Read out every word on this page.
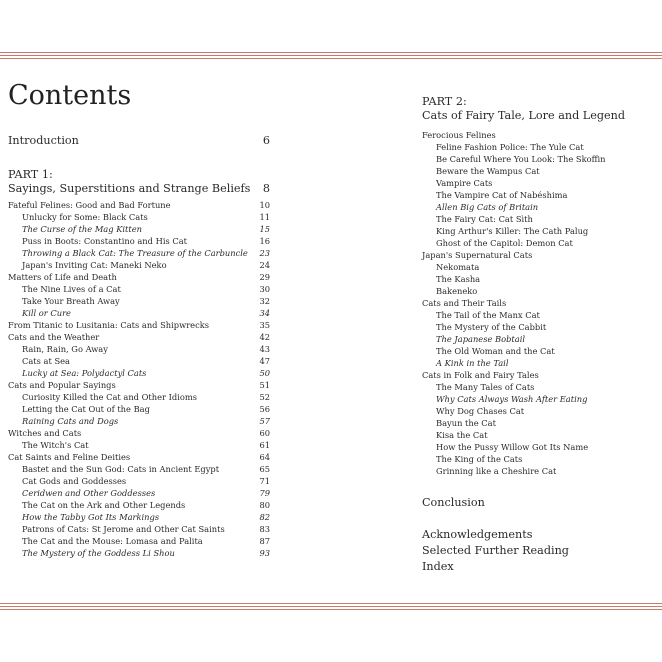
Contents
Introduction	6
PART 1:
Sayings, Superstitions and Strange Beliefs 8
Fateful Felines: Good and Bad Fortune	10
Unlucky for Some: Black Cats	11
The Curse of the Mag Kitten	15
Puss in Boots: Constantino and His Cat	16
Throwing a Black Cat: The Treasure of the Carbuncle 23
Japan's Inviting Cat: Maneki Neko	24
Matters of Life and Death	29
The Nine Lives of a Cat	30
Take Your Breath Away	32
Kill or Cure	34
From Titanic to Lusitania: Cats and Shipwrecks	35
Cats and the Weather	42
Rain, Rain, Go Away	43
Cats at Sea	47
Lucky at Sea: Polydactyl Cats	50
Cats and Popular Sayings	51
Curiosity Killed the Cat and Other Idioms	52
Letting the Cat Out of the Bag	56
Raining Cats and Dogs	57
Witches and Cats	60
The Witch's Cat	61
Cat Saints and Feline Deities	64
Bastet and the Sun God: Cats in Ancient Egypt	65
Cat Gods and Goddesses	71
Ceridwen and Other Goddesses	79
The Cat on the Ark and Other Legends	80
How the Tabby Got Its Markings	82
Patrons of Cats: St Jerome and Other Cat Saints	83
The Cat and the Mouse: Lomasa and Palita	87
The Mystery of the Goddess Li Shou	93
PART 2:
Cats of Fairy Tale, Lore and Legend
Ferocious Felines
Feline Fashion Police: The Yule Cat
Be Careful Where You Look: The Skoffin
Beware the Wampus Cat
Vampire Cats
The Vampire Cat of Nabéshima
Allen Big Cats of Britain
The Fairy Cat: Cat Sìth
King Arthur's Killer: The Cath Palug
Ghost of the Capitol: Demon Cat
Japan's Supernatural Cats
Nekomata
The Kasha
Bakeneko
Cats and Their Tails
The Tail of the Manx Cat
The Mystery of the Cabbit
The Japanese Bobtail
The Old Woman and the Cat
A Kink in the Tail
Cats in Folk and Fairy Tales
The Many Tales of Cats
Why Cats Always Wash After Eating
Why Dog Chases Cat
Bayun the Cat
Kisa the Cat
How the Pussy Willow Got Its Name
The King of the Cats
Grinning like a Cheshire Cat
Conclusion
Acknowledgements
Selected Further Reading
Index
